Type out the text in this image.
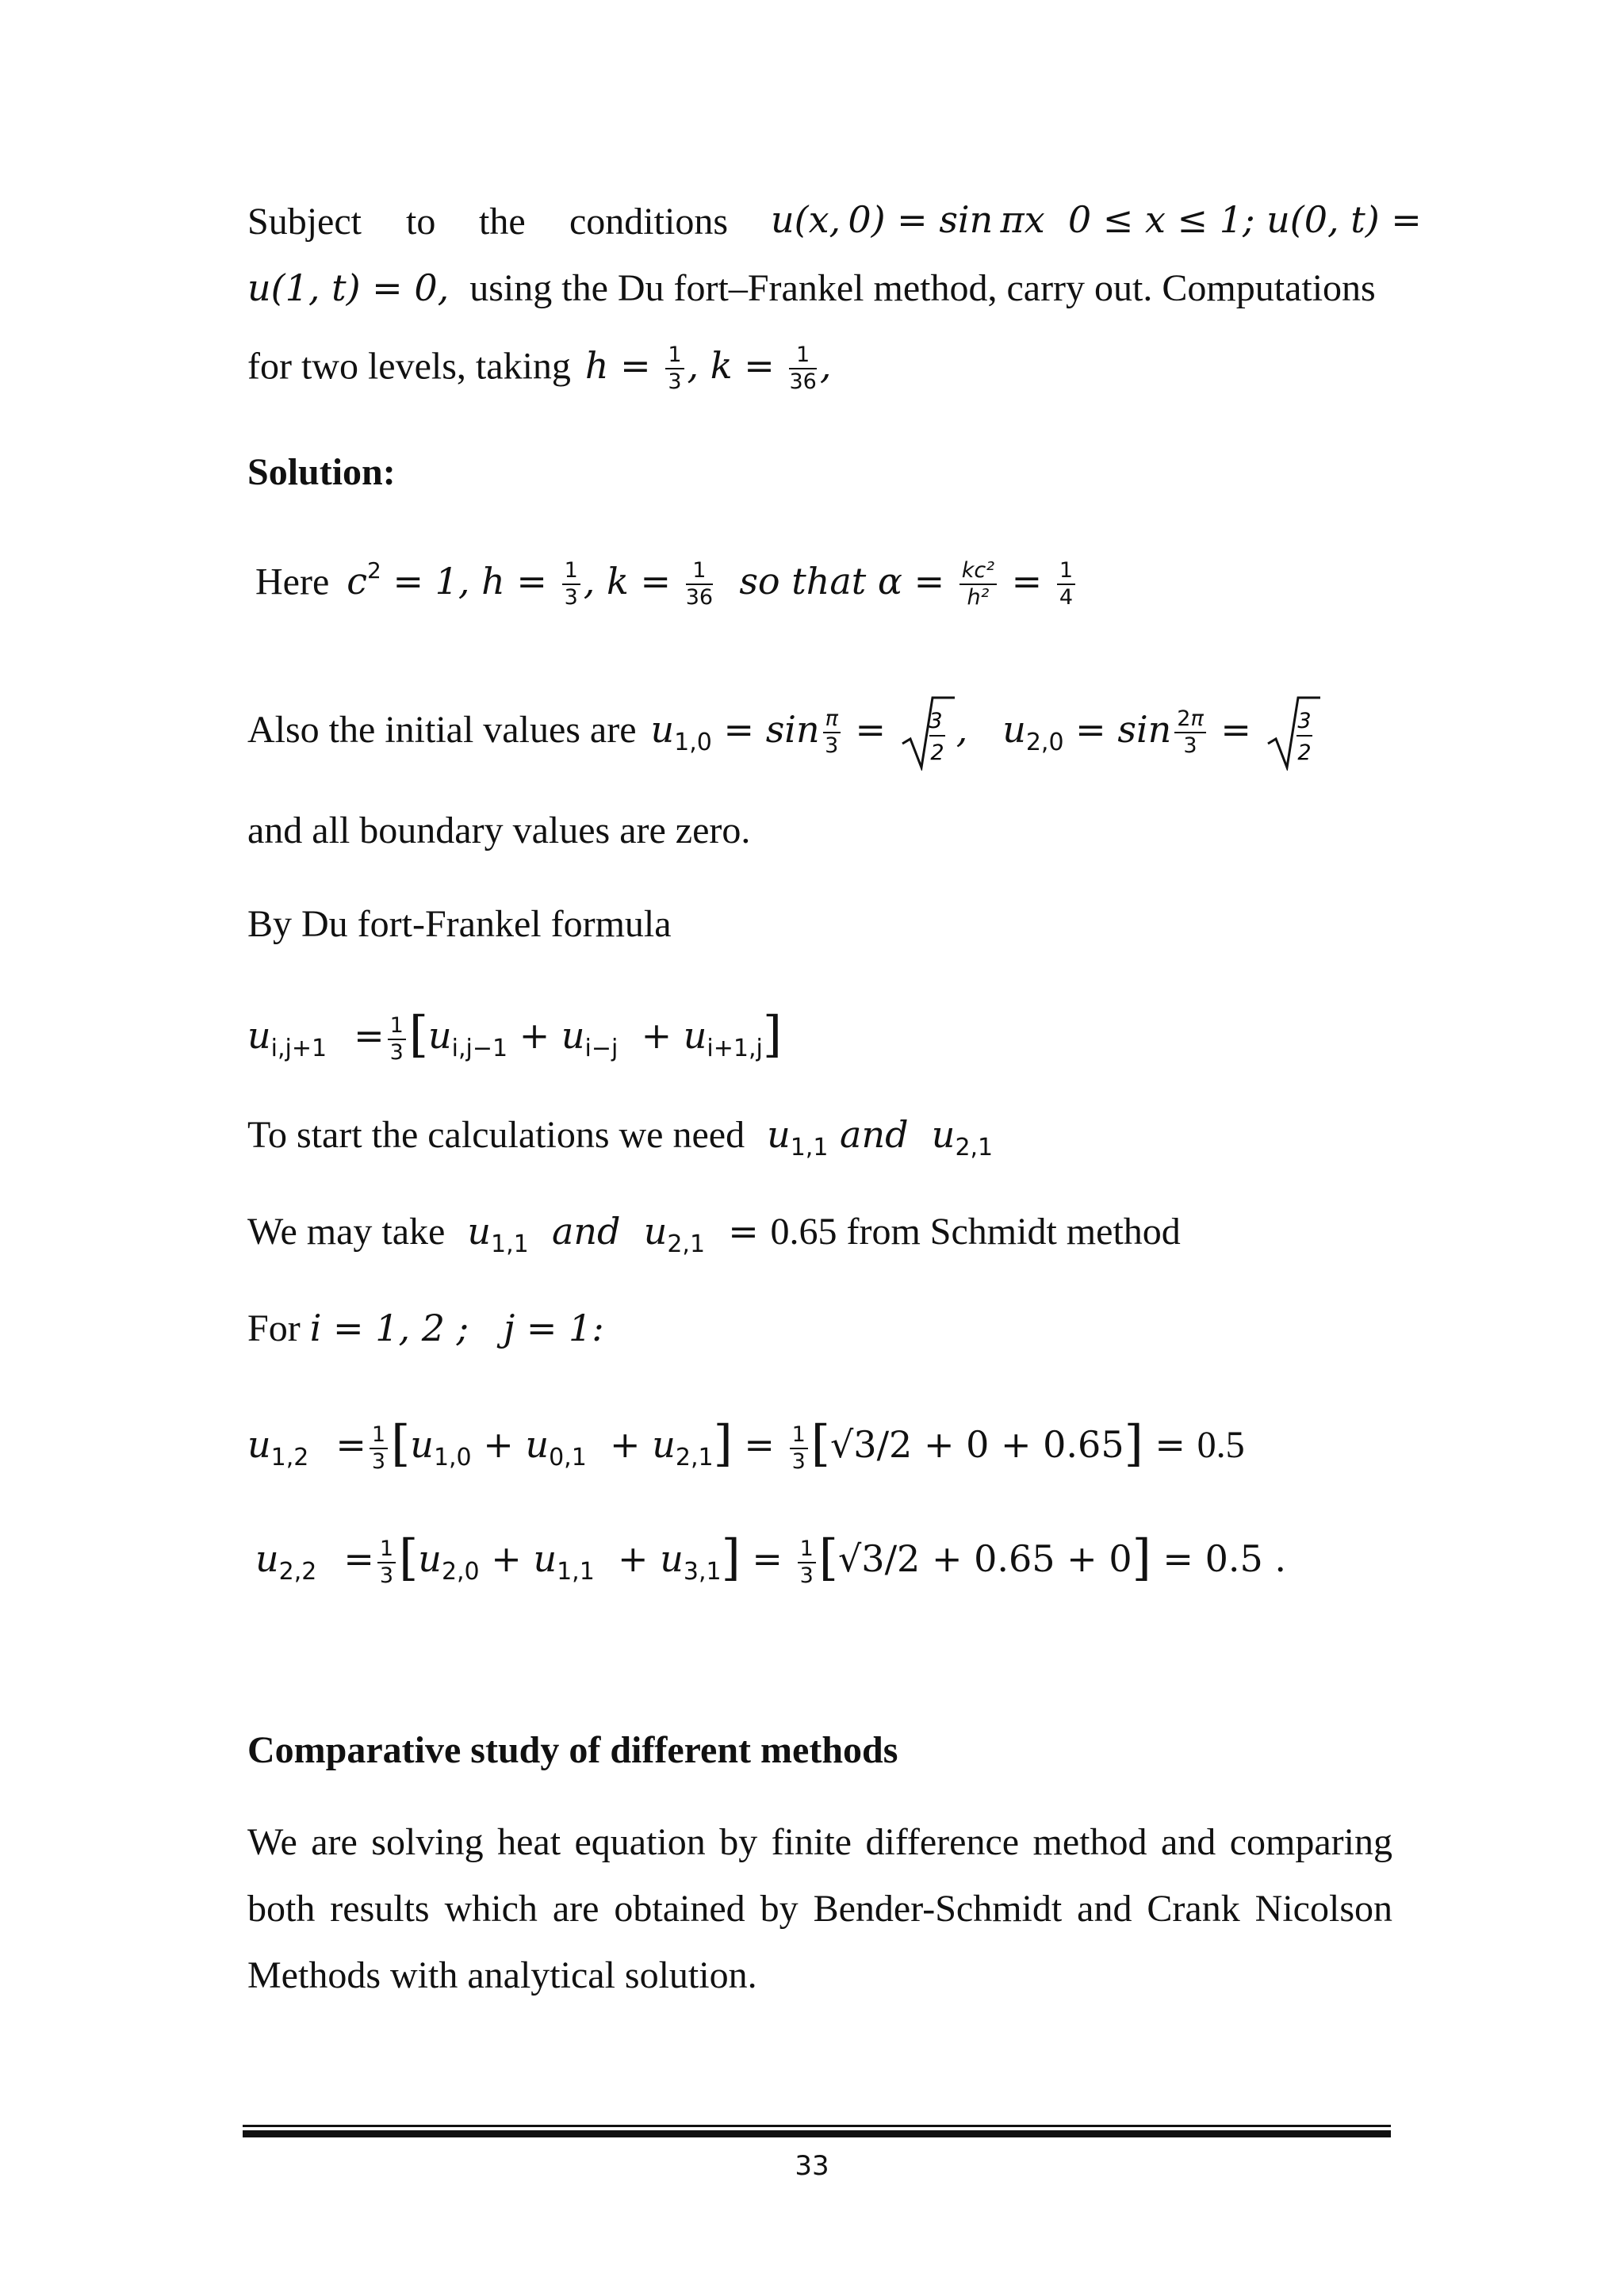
Subject to the conditions u(x, 0) = sin πx  0 ≤ x ≤ 1; u(0, t) =
u(1, t) = 0, using the Du fort–Frankel method, carry out. Computations
for two levels, taking $h = \frac{1}{3}$ , $k = \frac{1}{36}$ ,
Solution:
Here $c^2 = 1$, $h = \frac{1}{3}$ , $k = \frac{1}{36}$ so that $\alpha = \frac{\text{kc²}}{\text{h²}} = \frac{1}{4}$
Also the initial values are $u_{1,0} = \sin \frac{\pi}{3} = 3$
2
,   $u_{2,0} = \sin \frac{2\pi}{3} = 3$
2
and all boundary values are zero.
By Du fort-Frankel formula
$u_{i,j+1} = \frac{1}{3} [u_{i,j-1} + u_{i-j} + u_{i+1,j}]$
To start the calculations we need $u_{1,1}$ and  $u_{2,1}$
We may take $u_{1,1}$  and  $u_{2,1} = 0.65$ from Schmidt method
For i = 1, 2 ;   j = 1:
$u_{1,2} = \frac{1}{3} [u_{1,0} + u_{0,1} + u_{2,1}] = \frac{1}{3} [√3/2 + 0 + 0.65] = 0.5$
$u_{2,2} = \frac{1}{3} [u_{2,0} + u_{1,1} + u_{3,1}] = \frac{1}{3} [√3/2 + 0.65 + 0] = 0.5$ .
Comparative study of different methods
We are solving heat equation by finite difference method and comparing
both results which are obtained by Bender-Schmidt and Crank Nicolson
Methods with analytical solution.
33
